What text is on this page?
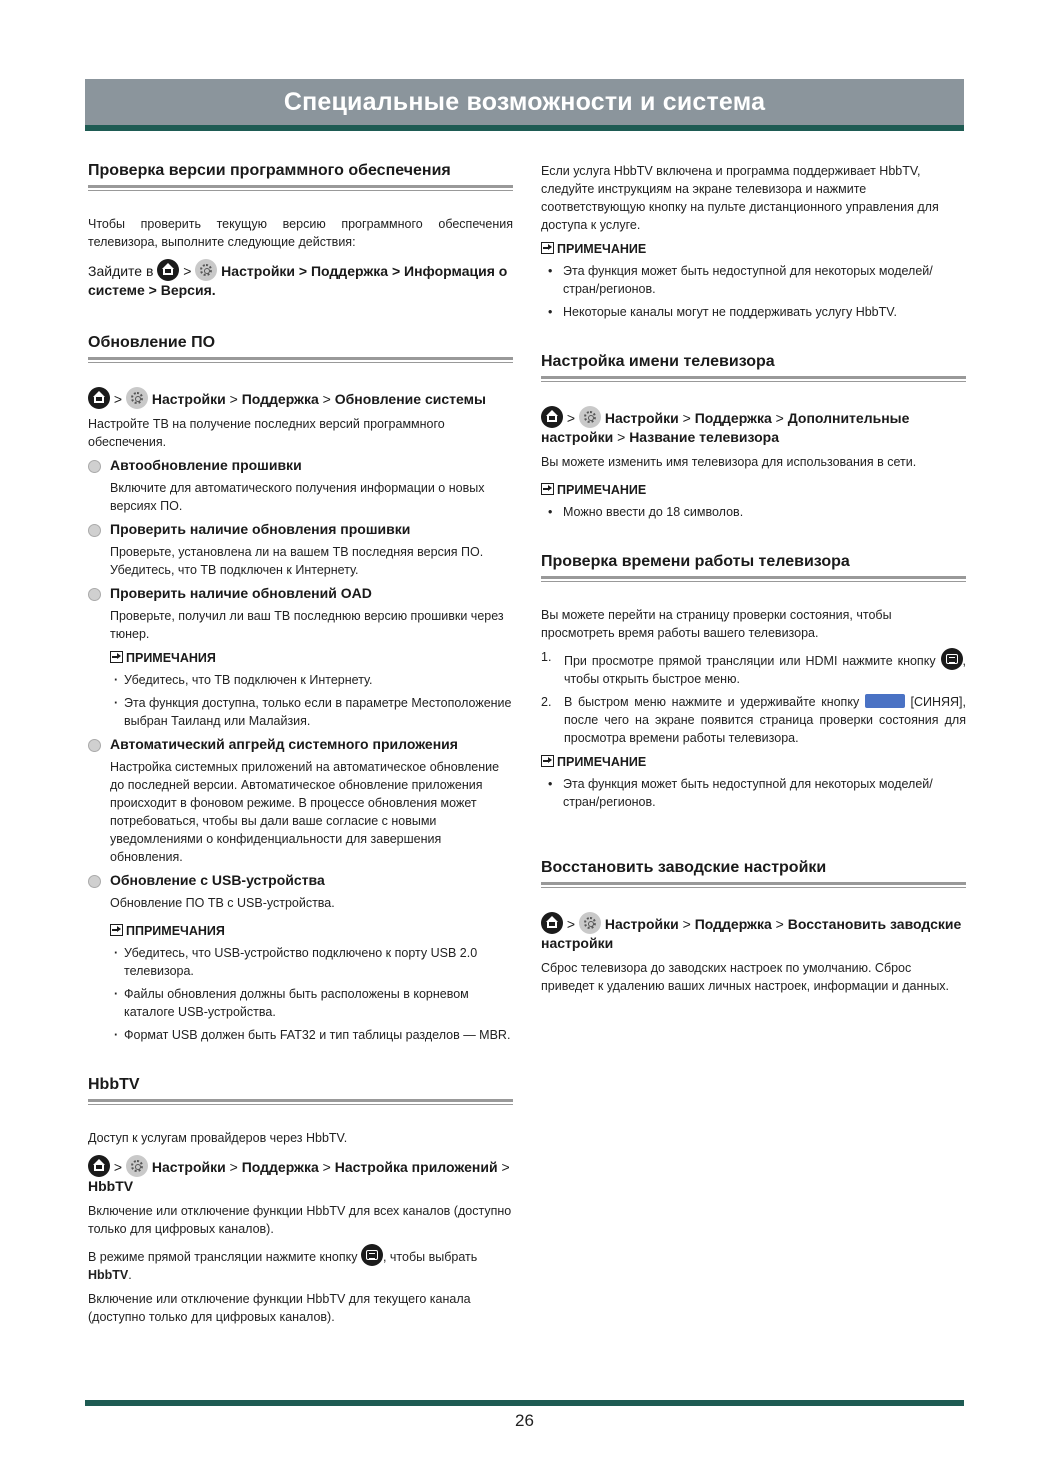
Специальные возможности и система
Проверка версии программного обеспечения

Чтобы проверить текущую версию программного обеспечения телевизора, выполните следующие действия:

Зайдите в > Настройки > Поддержка > Информация о системе > Версия.
Обновление ПО
> Настройки > Поддержка > Обновление системы

Настройте ТВ на получение последних версий программного обеспечения.

Автообновление прошивки

Включите для автоматического получения информации о новых версиях ПО.

Проверить наличие обновления прошивки

Проверьте, установлена ли на вашем ТВ последняя версия ПО. Убедитесь, что ТВ подключен к Интернету.

Проверить наличие обновлений OAD

Проверьте, получил ли ваш ТВ последнюю версию прошивки через тюнер.

ПРИМЕЧАНИЯ
· Убедитесь, что ТВ подключен к Интернету.
· Эта функция доступна, только если в параметре Местоположение выбран Таиланд или Малайзия.
Автоматический апгрейд системного приложения

Настройка системных приложений на автоматическое обновление до последней версии. Автоматическое обновление приложения происходит в фоновом режиме. В процессе обновления может потребоваться, чтобы вы дали ваше согласие с новыми уведомлениями о конфиденциальности для завершения обновления.

Обновление с USB-устройства

Обновление ПО ТВ с USB-устройства.

ППРИМЕЧАНИЯ
· Убедитесь, что USB-устройство подключено к порту USB 2.0 телевизора.
· Файлы обновления должны быть расположены в корневом каталоге USB-устройства.
· Формат USB должен быть FAT32 и тип таблицы разделов — MBR.
HbbTV

Доступ к услугам провайдеров через HbbTV.

> Настройки > Поддержка > Настройка приложений > HbbTV

Включение или отключение функции HbbTV для всех каналов (доступно только для цифровых каналов).

В режиме прямой трансляции нажмите кнопку , чтобы выбрать HbbTV.

Включение или отключение функции HbbTV для текущего канала (доступно только для цифровых каналов).

Если услуга HbbTV включена и программа поддерживает HbbTV, следуйте инструкциям на экране телевизора и нажмите соответствующую кнопку на пульте дистанционного управления для доступа к услуге.

ПРИМЕЧАНИЕ
• Эта функция может быть недоступной для некоторых моделей/стран/регионов.
• Некоторые каналы могут не поддерживать услугу HbbTV.
Настройка имени телевизора
> Настройки > Поддержка > Дополнительные настройки > Название телевизора

Вы можете изменить имя телевизора для использования в сети.

ПРИМЕЧАНИЕ
• Можно ввести до 18 символов.
Проверка времени работы телевизора

Вы можете перейти на страницу проверки состояния, чтобы просмотреть время работы вашего телевизора.

1. При просмотре прямой трансляции или HDMI нажмите кнопку , чтобы открыть быстрое меню.
2. В быстром меню нажмите и удерживайте кнопку	[СИНЯЯ], после чего на экране появится страница проверки состояния для просмотра времени работы телевизора.
ПРИМЕЧАНИЕ
• Эта функция может быть недоступной для некоторых моделей/стран/регионов.
Восстановить заводские настройки
> Настройки > Поддержка > Восстановить заводские настройки

Сброс телевизора до заводских настроек по умолчанию. Сброс приведет к удалению ваших личных настроек, информации и данных.

26
